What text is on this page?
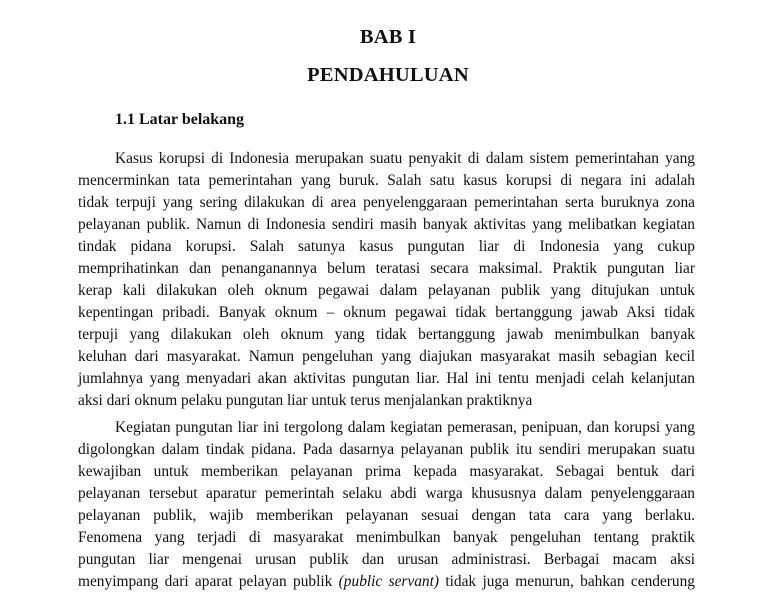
BAB I
PENDAHULUAN
1.1 Latar belakang
Kasus korupsi di Indonesia merupakan suatu penyakit di dalam sistem pemerintahan yang
mencerminkan tata pemerintahan yang buruk. Salah satu kasus korupsi di negara ini adalah
tidak terpuji yang sering dilakukan di area penyelenggaraan pemerintahan serta buruknya zona
pelayanan publik. Namun di Indonesia sendiri masih banyak aktivitas yang melibatkan kegiatan
tindak pidana korupsi. Salah satunya kasus pungutan liar di Indonesia yang cukup
memprihatinkan dan penanganannya belum teratasi secara maksimal. Praktik pungutan liar
kerap kali dilakukan oleh oknum pegawai dalam pelayanan publik yang ditujukan untuk
kepentingan pribadi. Banyak oknum – oknum pegawai tidak bertanggung jawab Aksi tidak
terpuji yang dilakukan oleh oknum yang tidak bertanggung jawab menimbulkan banyak
keluhan dari masyarakat. Namun pengeluhan yang diajukan masyarakat masih sebagian kecil
jumlahnya yang menyadari akan aktivitas pungutan liar. Hal ini tentu menjadi celah kelanjutan
aksi dari oknum pelaku pungutan liar untuk terus menjalankan praktiknya
Kegiatan pungutan liar ini tergolong dalam kegiatan pemerasan, penipuan, dan korupsi yang
digolongkan dalam tindak pidana. Pada dasarnya pelayanan publik itu sendiri merupakan suatu
kewajiban untuk memberikan pelayanan prima kepada masyarakat. Sebagai bentuk dari
pelayanan tersebut aparatur pemerintah selaku abdi warga khususnya dalam penyelenggaraan
pelayanan publik, wajib memberikan pelayanan sesuai dengan tata cara yang berlaku.
Fenomena yang terjadi di masyarakat menimbulkan banyak pengeluhan tentang praktik
pungutan liar mengenai urusan publik dan urusan administrasi. Berbagai macam aksi
menyimpang dari aparat pelayan publik (public servant) tidak juga menurun, bahkan cenderung
